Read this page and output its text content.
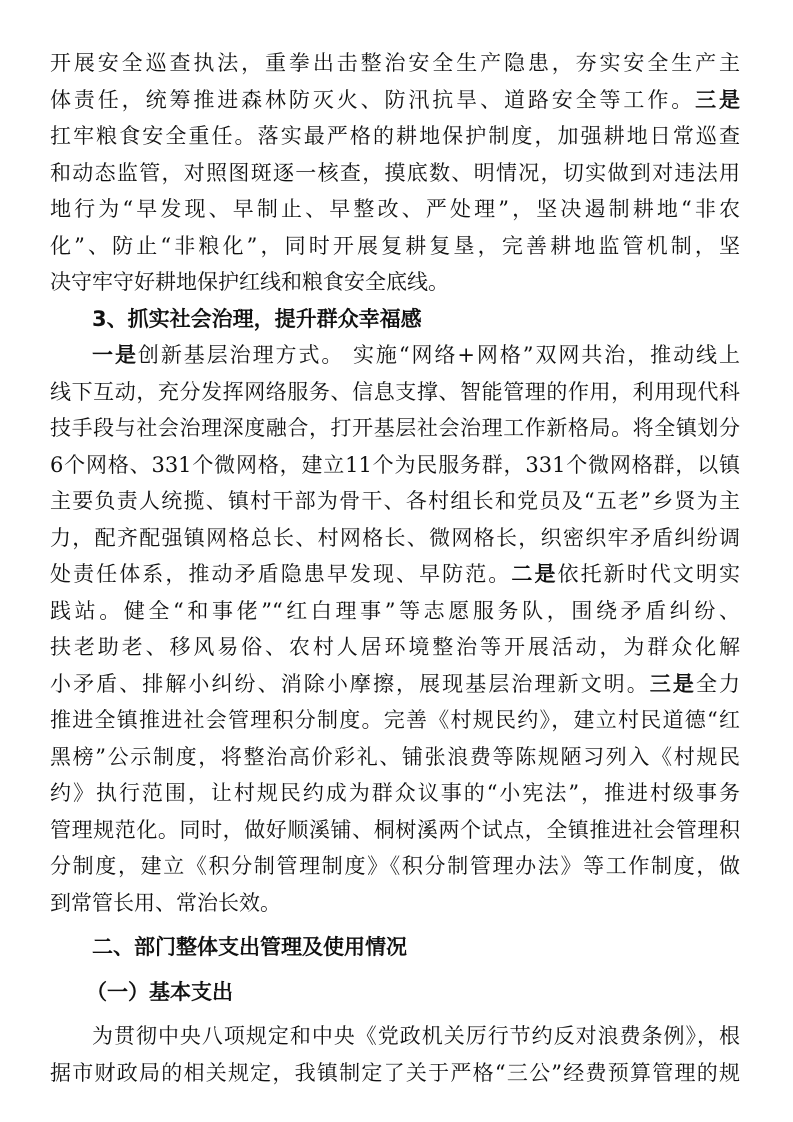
开展安全巡查执法，重拳出击整治安全生产隐患，夯实安全生产主
体责任，统筹推进森林防灭火、防汛抗旱、道路安全等工作。三是
扛牢粮食安全重任。落实最严格的耕地保护制度，加强耕地日常巡查
和动态监管，对照图斑逐一核查，摸底数、明情况，切实做到对违法用
地行为“早发现、早制止、早整改、严处理”，坚决遏制耕地“非农
化”、防止“非粮化”，同时开展复耕复垦，完善耕地监管机制，坚
决守牢守好耕地保护红线和粮食安全底线。
3、抓实社会治理，提升群众幸福感
一是创新基层治理方式。 实施“网络+网格”双网共治，推动线上
线下互动，充分发挥网络服务、信息支撑、智能管理的作用，利用现代科
技手段与社会治理深度融合，打开基层社会治理工作新格局。将全镇划分
6个网格、331个微网格，建立11个为民服务群，331个微网格群，以镇
主要负责人统揽、镇村干部为骨干、各村组长和党员及“五老”乡贤为主
力，配齐配强镇网格总长、村网格长、微网格长，织密织牢矛盾纠纷调
处责任体系，推动矛盾隐患早发现、早防范。二是依托新时代文明实
践站。健全“和事佬”“红白理事”等志愿服务队，围绕矛盾纠纷、
扶老助老、移风易俗、农村人居环境整治等开展活动，为群众化解
小矛盾、排解小纠纷、消除小摩擦，展现基层治理新文明。三是全力
推进全镇推进社会管理积分制度。完善《村规民约》，建立村民道德“红
黑榜”公示制度，将整治高价彩礼、铺张浪费等陈规陋习列入《村规民
约》执行范围，让村规民约成为群众议事的“小宪法”，推进村级事务
管理规范化。同时，做好顺溪铺、桐树溪两个试点，全镇推进社会管理积
分制度，建立《积分制管理制度》《积分制管理办法》等工作制度，做
到常管长用、常治长效。
二、部门整体支出管理及使用情况
（一）基本支出
为贯彻中央八项规定和中央《党政机关厉行节约反对浪费条例》，根
据市财政局的相关规定，我镇制定了关于严格“三公”经费预算管理的规
